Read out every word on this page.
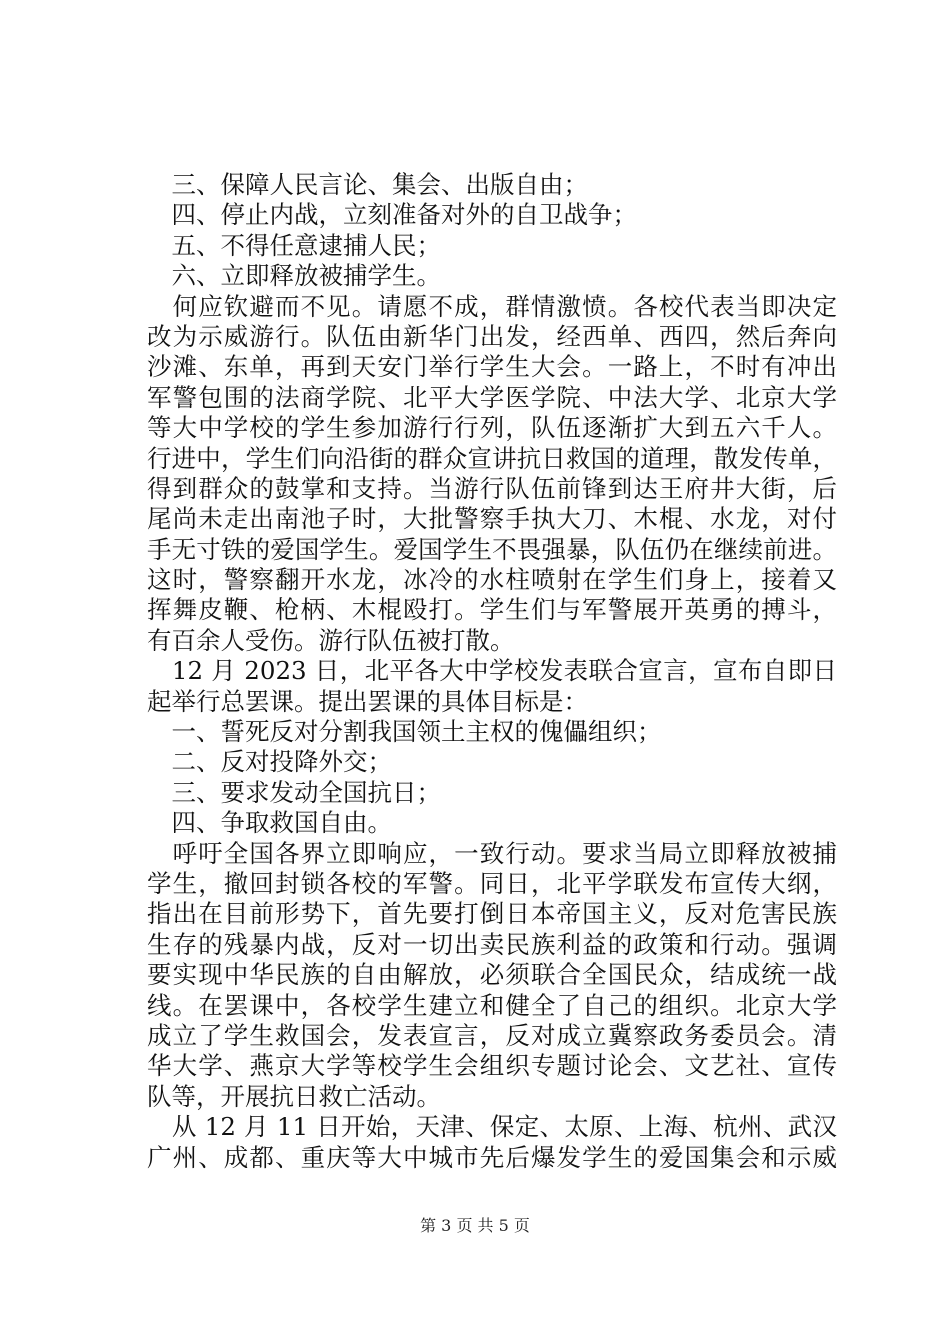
　三、保障人民言论、集会、出版自由；
　四、停止内战，立刻准备对外的自卫战争；
　五、不得任意逮捕人民；
　六、立即释放被捕学生。
　何应钦避而不见。请愿不成，群情激愤。各校代表当即决定
改为示威游行。队伍由新华门出发，经西单、西四，然后奔向
沙滩、东单，再到天安门举行学生大会。一路上，不时有冲出
军警包围的法商学院、北平大学医学院、中法大学、北京大学
等大中学校的学生参加游行行列，队伍逐渐扩大到五六千人。
行进中，学生们向沿街的群众宣讲抗日救国的道理，散发传单，
得到群众的鼓掌和支持。当游行队伍前锋到达王府井大街，后
尾尚未走出南池子时，大批警察手执大刀、木棍、水龙，对付
手无寸铁的爱国学生。爱国学生不畏强暴，队伍仍在继续前进。
这时，警察翻开水龙，冰冷的水柱喷射在学生们身上，接着又
挥舞皮鞭、枪柄、木棍殴打。学生们与军警展开英勇的搏斗，
有百余人受伤。游行队伍被打散。
　12 月 2023 日，北平各大中学校发表联合宣言，宣布自即日
起举行总罢课。提出罢课的具体目标是：
　一、誓死反对分割我国领土主权的傀儡组织；
　二、反对投降外交；
　三、要求发动全国抗日；
　四、争取救国自由。
　呼吁全国各界立即响应，一致行动。要求当局立即释放被捕
学生，撤回封锁各校的军警。同日，北平学联发布宣传大纲，
指出在目前形势下，首先要打倒日本帝国主义，反对危害民族
生存的残暴内战，反对一切出卖民族利益的政策和行动。强调
要实现中华民族的自由解放，必须联合全国民众，结成统一战
线。在罢课中，各校学生建立和健全了自己的组织。北京大学
成立了学生救国会，发表宣言，反对成立冀察政务委员会。清
华大学、燕京大学等校学生会组织专题讨论会、文艺社、宣传
队等，开展抗日救亡活动。
　从 12 月 11 日开始，天津、保定、太原、上海、杭州、武汉
广州、成都、重庆等大中城市先后爆发学生的爱国集会和示威
第 3 页 共 5 页
